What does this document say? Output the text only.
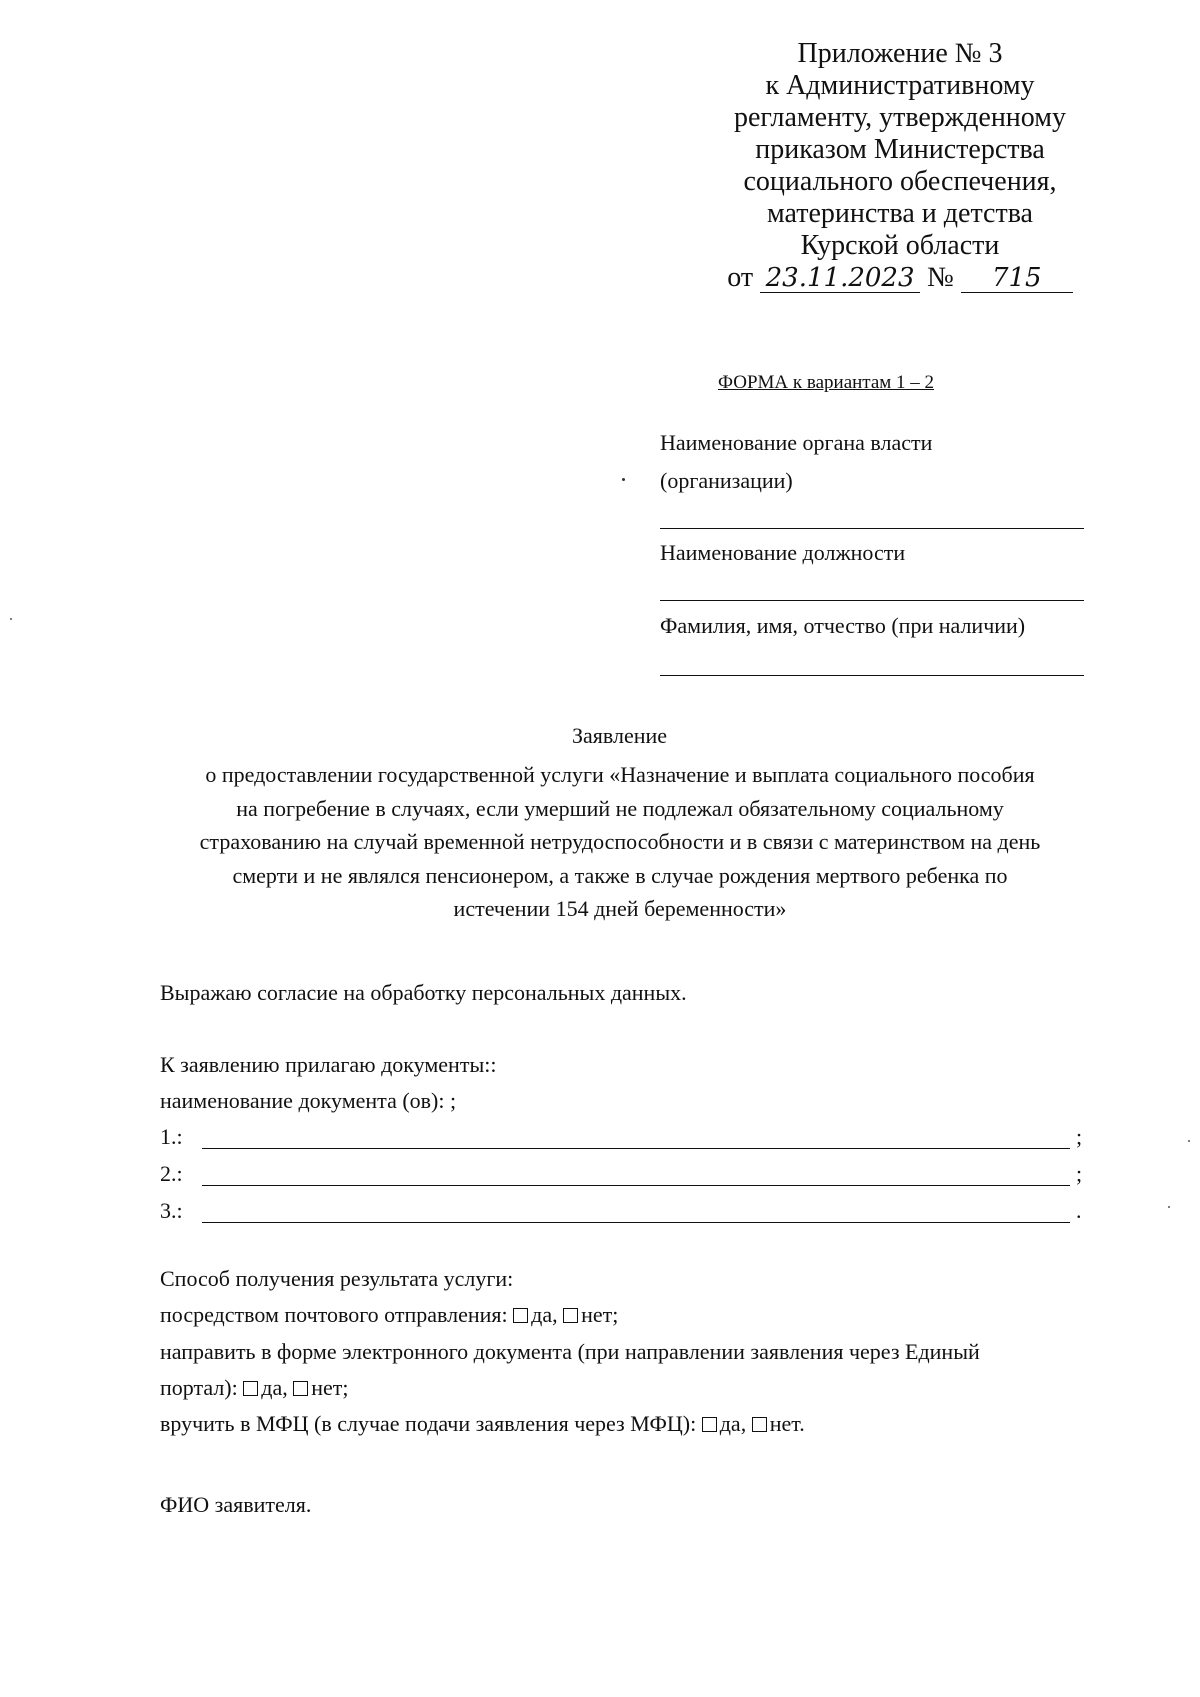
Приложение № 3
к Административному
регламенту, утвержденному
приказом Министерства
социального обеспечения,
материнства и детства
Курской области
от 23.11.2023 № 715
ФОРМА к вариантам 1 – 2
Наименование органа власти
(организации)
Наименование должности
Фамилия, имя, отчество (при наличии)
Заявление
о предоставлении государственной услуги «Назначение и выплата социального пособия
на погребение в случаях, если умерший не подлежал обязательному социальному
страхованию на случай временной нетрудоспособности и в связи с материнством на день
смерти и не являлся пенсионером, а также в случае рождения мертвого ребенка по
истечении 154 дней беременности»
Выражаю согласие на обработку персональных данных.
К заявлению прилагаю документы::
наименование документа (ов): ;
1.:	;
2.:	;
3.:	.
Способ получения результата услуги:
посредством почтового отправления: да, нет;
направить в форме электронного документа (при направлении заявления через Единый
портал): да, нет;
вручить в МФЦ (в случае подачи заявления через МФЦ): да, нет.
ФИО заявителя.
